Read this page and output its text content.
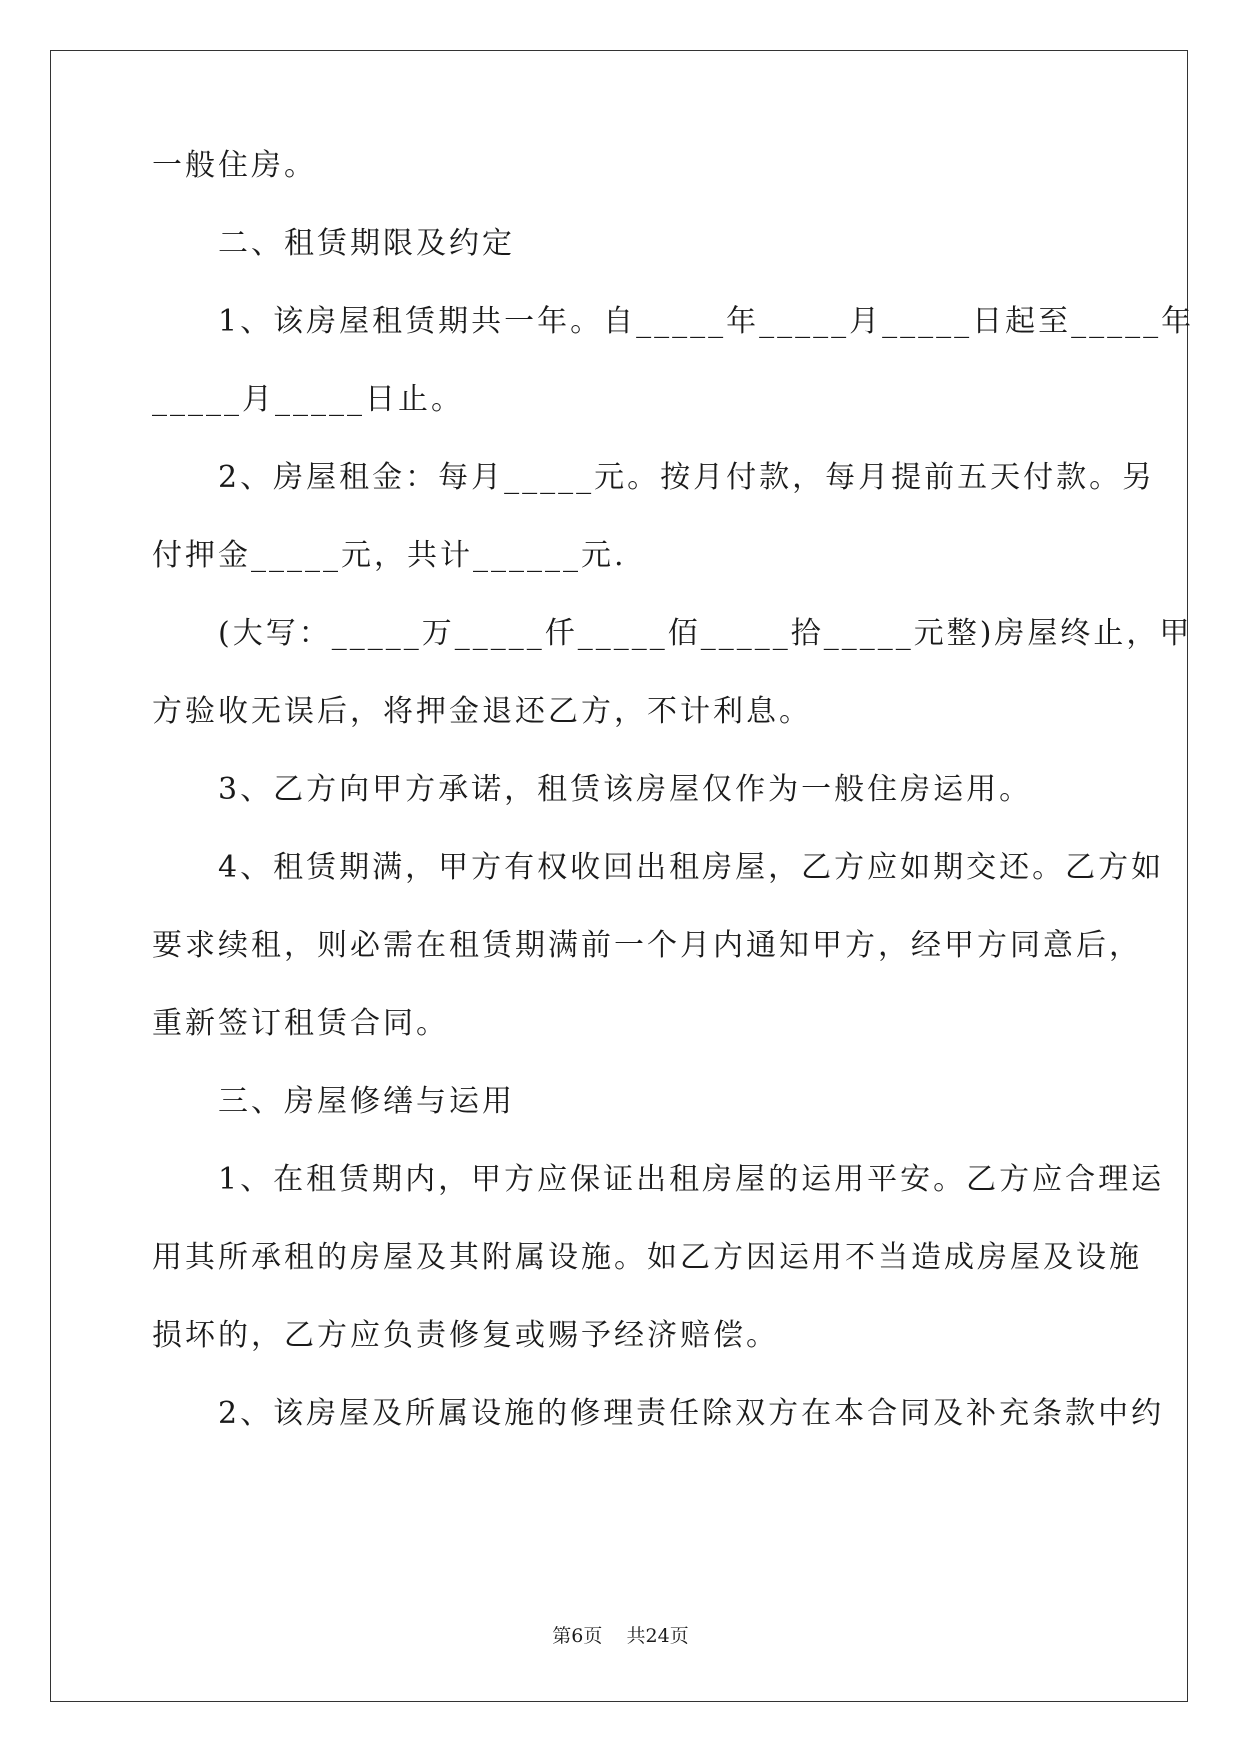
一般住房。
　　二、租赁期限及约定
　　1、该房屋租赁期共一年。自_____年_____月_____日起至_____年
_____月_____日止。
　　2、房屋租金：每月_____元。按月付款，每月提前五天付款。另
付押金_____元，共计______元.
　　(大写：_____万_____仟_____佰_____拾_____元整)房屋终止，甲
方验收无误后，将押金退还乙方，不计利息。
　　3、乙方向甲方承诺，租赁该房屋仅作为一般住房运用。
　　4、租赁期满，甲方有权收回出租房屋，乙方应如期交还。乙方如
要求续租，则必需在租赁期满前一个月内通知甲方，经甲方同意后，
重新签订租赁合同。
　　三、房屋修缮与运用
　　1、在租赁期内，甲方应保证出租房屋的运用平安。乙方应合理运
用其所承租的房屋及其附属设施。如乙方因运用不当造成房屋及设施
损坏的，乙方应负责修复或赐予经济赔偿。
　　2、该房屋及所属设施的修理责任除双方在本合同及补充条款中约
第6页 共24页
